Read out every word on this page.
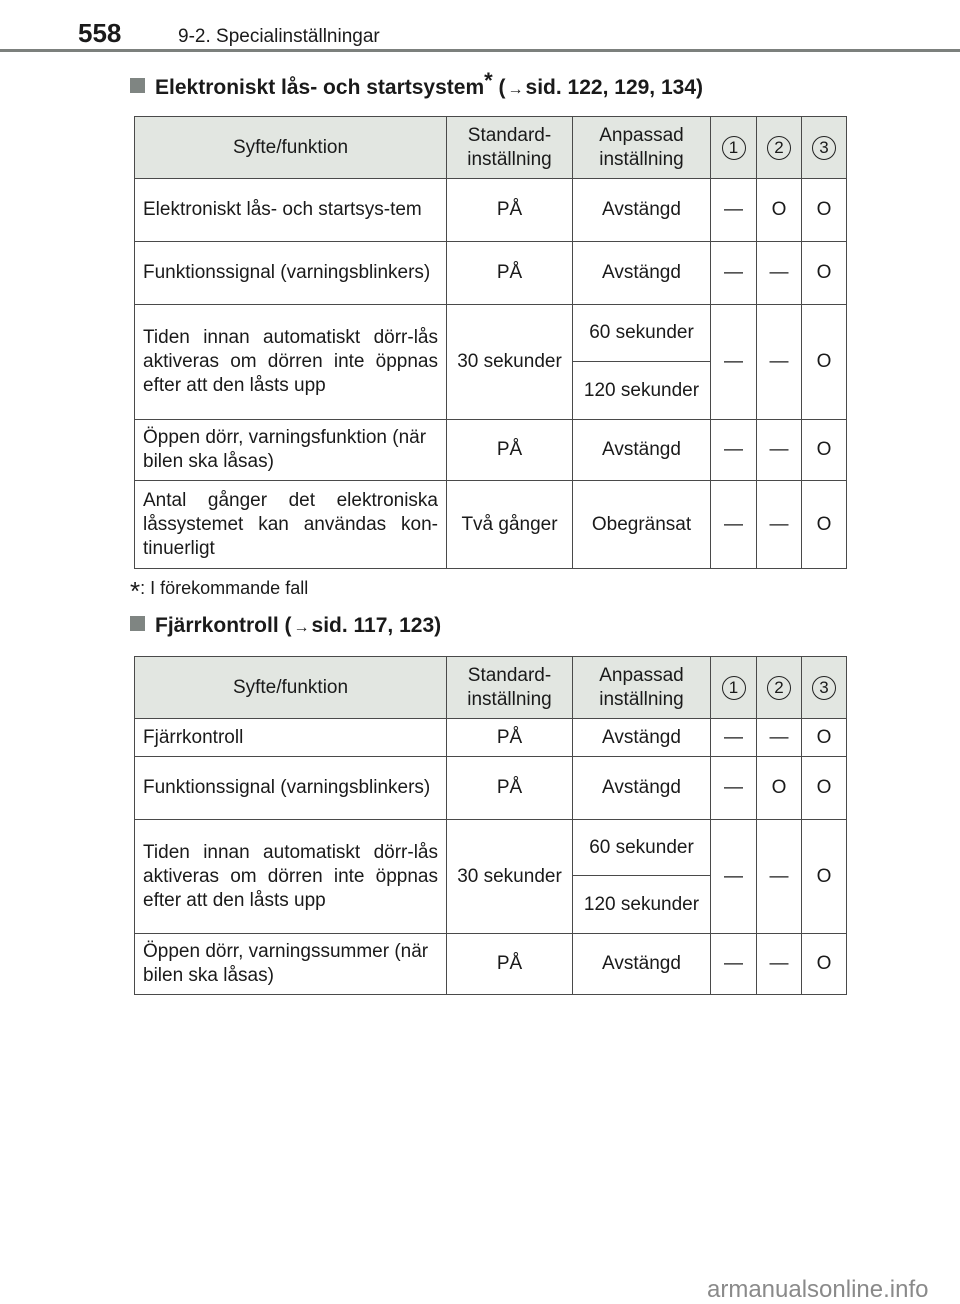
558	9-2. Specialinställningar
Elektroniskt lås- och startsystem* ( →sid. 122, 129, 134)
Syfte/funktion	Standard-inställning	Anpassad inställning	1	2	3
Elektroniskt lås- och startsys-tem	PÅ	Avstängd	—	O	O
Funktionssignal (varningsblinkers)	PÅ	Avstängd	—	—	O
Tiden innan automatiskt dörr-lås aktiveras om dörren inte öppnas efter att den låsts upp	30 sekunder	60 sekunder	—	—	O
		120 sekunder			
Öppen dörr, varningsfunktion (när bilen ska låsas)	PÅ	Avstängd	—	—	O
Antal gånger det elektroniska låssystemet kan användas kon-tinuerligt	Två gånger	Obegränsat	—	—	O
*: I förekommande fall
Fjärrkontroll ( →sid. 117, 123)
Syfte/funktion	Standard-inställning	Anpassad inställning	1	2	3
Fjärrkontroll	PÅ	Avstängd	—	—	O
Funktionssignal (varningsblinkers)	PÅ	Avstängd	—	O	O
Tiden innan automatiskt dörr-lås aktiveras om dörren inte öppnas efter att den låsts upp	30 sekunder	60 sekunder	—	—	O
		120 sekunder			
Öppen dörr, varningssummer (när bilen ska låsas)	PÅ	Avstängd	—	—	O
armanualsonline.info
